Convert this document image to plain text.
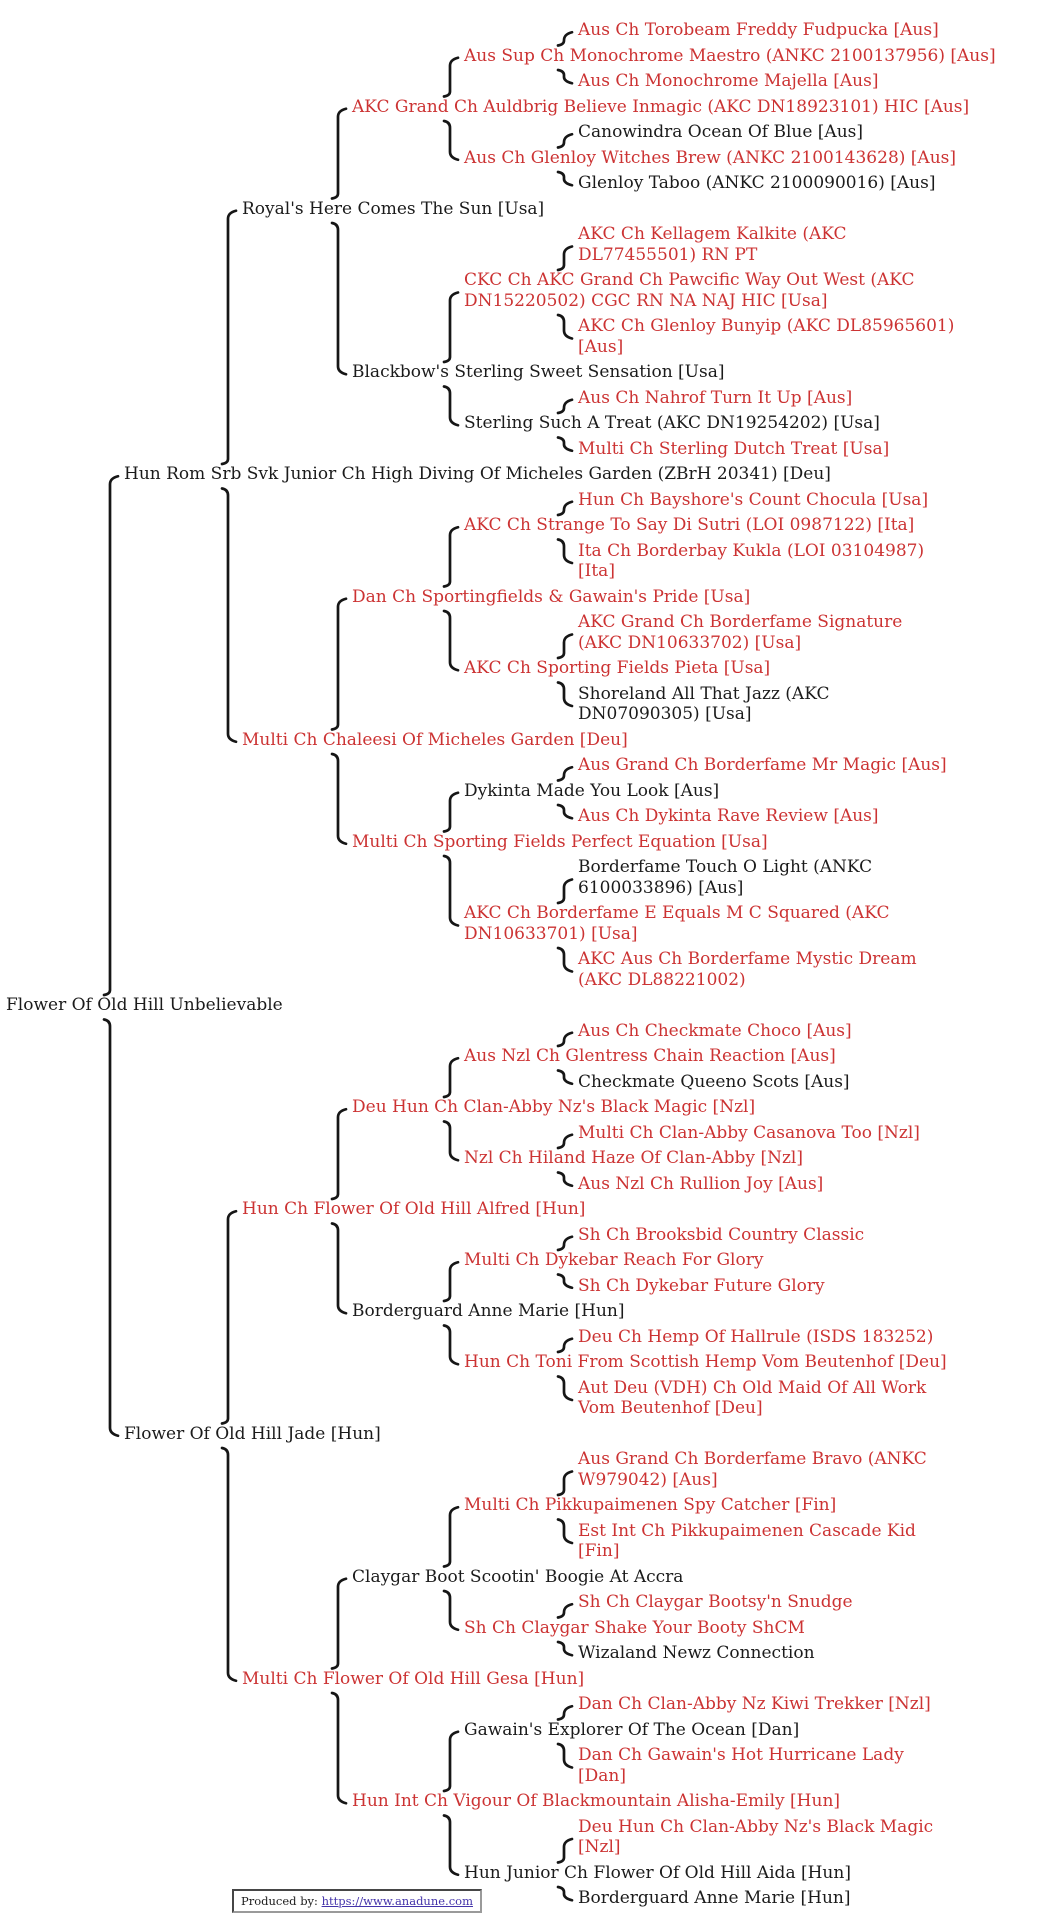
Aus Ch Torobeam Freddy Fudpucka [Aus]
Aus Sup Ch Monochrome Maestro (ANKC 2100137956) [Aus]
Aus Ch Monochrome Majella [Aus]
AKC Grand Ch Auldbrig Believe Inmagic (AKC DN18923101) HIC [Aus]
Canowindra Ocean Of Blue [Aus]
Aus Ch Glenloy Witches Brew (ANKC 2100143628) [Aus]
Glenloy Taboo (ANKC 2100090016) [Aus]
Royal's Here Comes The Sun [Usa]
AKC Ch Kellagem Kalkite (AKC
DL77455501) RN PT
CKC Ch AKC Grand Ch Pawcific Way Out West (AKC
DN15220502) CGC RN NA NAJ HIC [Usa]
AKC Ch Glenloy Bunyip (AKC DL85965601)
[Aus]
Blackbow's Sterling Sweet Sensation [Usa]
Aus Ch Nahrof Turn It Up [Aus]
Sterling Such A Treat (AKC DN19254202) [Usa]
Multi Ch Sterling Dutch Treat [Usa]
Hun Rom Srb Svk Junior Ch High Diving Of Micheles Garden (ZBrH 20341) [Deu]
Hun Ch Bayshore's Count Chocula [Usa]
AKC Ch Strange To Say Di Sutri (LOI 0987122) [Ita]
Ita Ch Borderbay Kukla (LOI 03104987)
[Ita]
Dan Ch Sportingfields & Gawain's Pride [Usa]
AKC Grand Ch Borderfame Signature
(AKC DN10633702) [Usa]
AKC Ch Sporting Fields Pieta [Usa]
Shoreland All That Jazz (AKC
DN07090305) [Usa]
Multi Ch Chaleesi Of Micheles Garden [Deu]
Aus Grand Ch Borderfame Mr Magic [Aus]
Dykinta Made You Look [Aus]
Aus Ch Dykinta Rave Review [Aus]
Multi Ch Sporting Fields Perfect Equation [Usa]
Borderfame Touch O Light (ANKC
6100033896) [Aus]
AKC Ch Borderfame E Equals M C Squared (AKC
DN10633701) [Usa]
AKC Aus Ch Borderfame Mystic Dream
(AKC DL88221002)
Flower Of Old Hill Unbelievable
Aus Ch Checkmate Choco [Aus]
Aus Nzl Ch Glentress Chain Reaction [Aus]
Checkmate Queeno Scots [Aus]
Deu Hun Ch Clan-Abby Nz's Black Magic [Nzl]
Multi Ch Clan-Abby Casanova Too [Nzl]
Nzl Ch Hiland Haze Of Clan-Abby [Nzl]
Aus Nzl Ch Rullion Joy [Aus]
Hun Ch Flower Of Old Hill Alfred [Hun]
Sh Ch Brooksbid Country Classic
Multi Ch Dykebar Reach For Glory
Sh Ch Dykebar Future Glory
Borderguard Anne Marie [Hun]
Deu Ch Hemp Of Hallrule (ISDS 183252)
Hun Ch Toni From Scottish Hemp Vom Beutenhof [Deu]
Aut Deu (VDH) Ch Old Maid Of All Work
Vom Beutenhof [Deu]
Flower Of Old Hill Jade [Hun]
Aus Grand Ch Borderfame Bravo (ANKC
W979042) [Aus]
Multi Ch Pikkupaimenen Spy Catcher [Fin]
Est Int Ch Pikkupaimenen Cascade Kid
[Fin]
Claygar Boot Scootin' Boogie At Accra
Sh Ch Claygar Bootsy'n Snudge
Sh Ch Claygar Shake Your Booty ShCM
Wizaland Newz Connection
Multi Ch Flower Of Old Hill Gesa [Hun]
Dan Ch Clan-Abby Nz Kiwi Trekker [Nzl]
Gawain's Explorer Of The Ocean [Dan]
Dan Ch Gawain's Hot Hurricane Lady
[Dan]
Hun Int Ch Vigour Of Blackmountain Alisha-Emily [Hun]
Deu Hun Ch Clan-Abby Nz's Black Magic
[Nzl]
Hun Junior Ch Flower Of Old Hill Aida [Hun]
Borderguard Anne Marie [Hun]
Produced by: https://www.anadune.com
